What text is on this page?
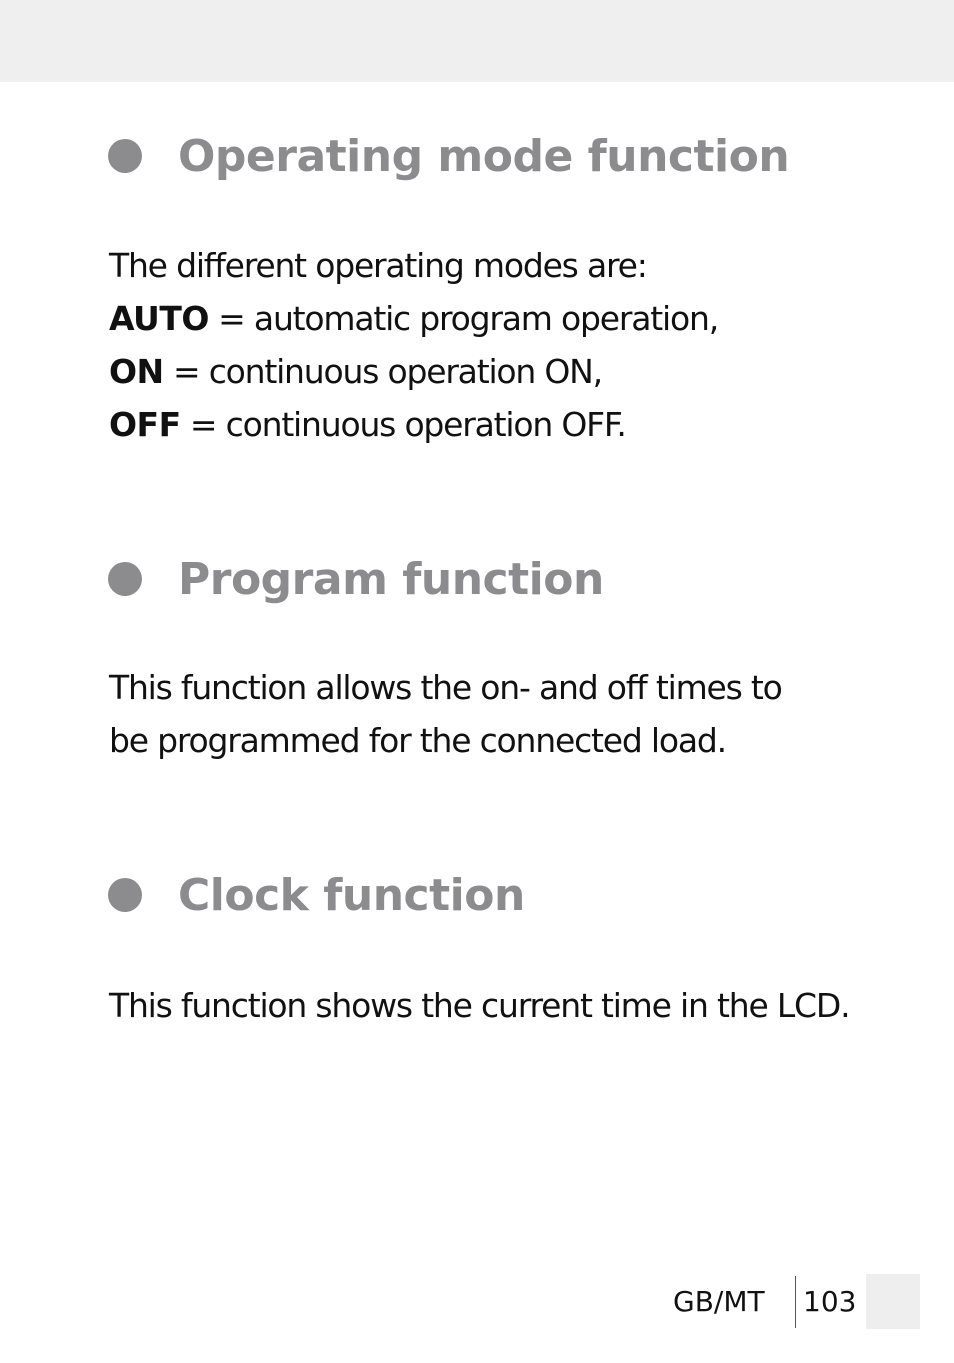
Operating mode function
The different operating modes are:
AUTO = automatic program operation,
ON = continuous operation ON,
OFF = continuous operation OFF.
Program function
This function allows the on- and off times to
be programmed for the connected load.
Clock function
This function shows the current time in the LCD.
GB/MT 103
